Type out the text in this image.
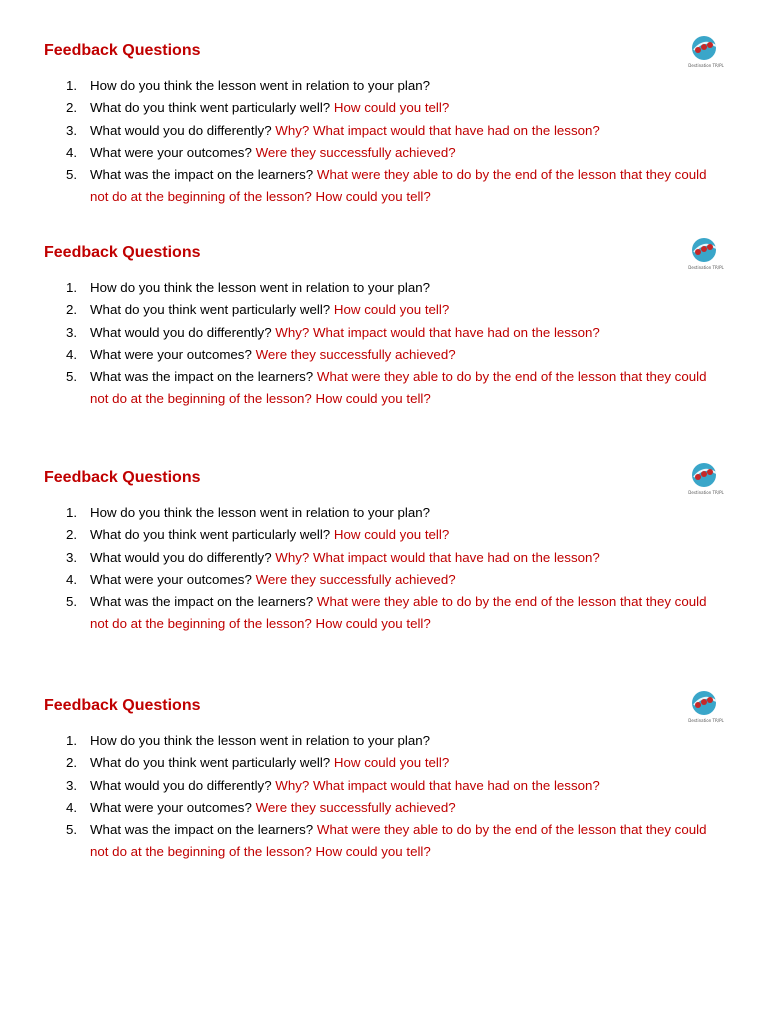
Feedback Questions
Destination TR/PL
1. How do you think the lesson went in relation to your plan?
2. What do you think went particularly well? How could you tell?
3. What would you do differently? Why? What impact would that have had on the lesson?
4. What were your outcomes? Were they successfully achieved?
5. What was the impact on the learners? What were they able to do by the end of the lesson that they could not do at the beginning of the lesson? How could you tell?
Feedback Questions
Destination TR/PL
1. How do you think the lesson went in relation to your plan?
2. What do you think went particularly well? How could you tell?
3. What would you do differently? Why? What impact would that have had on the lesson?
4. What were your outcomes? Were they successfully achieved?
5. What was the impact on the learners? What were they able to do by the end of the lesson that they could not do at the beginning of the lesson? How could you tell?
Feedback Questions
Destination TR/PL
1. How do you think the lesson went in relation to your plan?
2. What do you think went particularly well? How could you tell?
3. What would you do differently? Why? What impact would that have had on the lesson?
4. What were your outcomes? Were they successfully achieved?
5. What was the impact on the learners? What were they able to do by the end of the lesson that they could not do at the beginning of the lesson? How could you tell?
Feedback Questions
Destination TR/PL
1. How do you think the lesson went in relation to your plan?
2. What do you think went particularly well? How could you tell?
3. What would you do differently? Why? What impact would that have had on the lesson?
4. What were your outcomes? Were they successfully achieved?
5. What was the impact on the learners? What were they able to do by the end of the lesson that they could not do at the beginning of the lesson? How could you tell?
